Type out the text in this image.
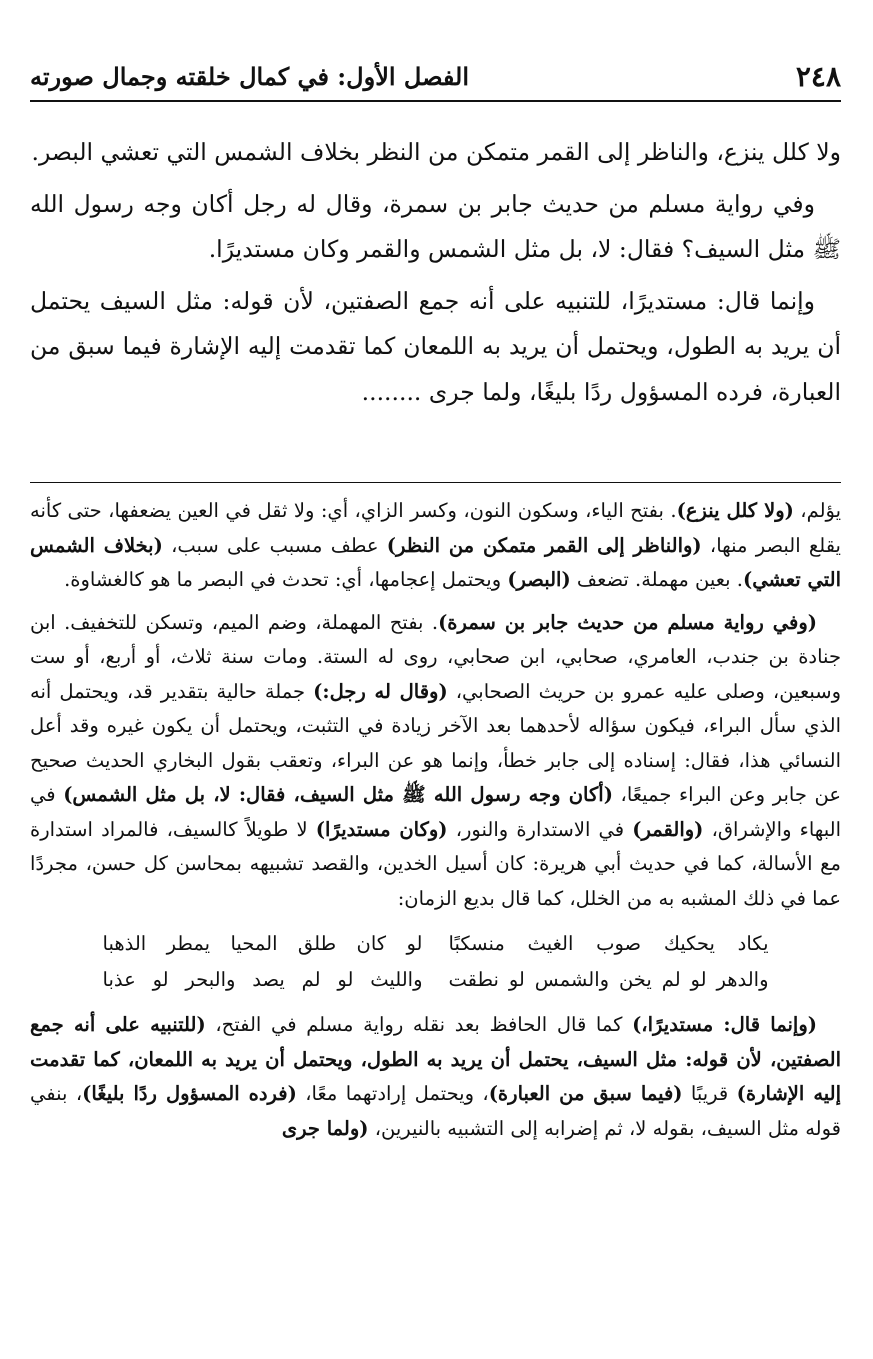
٢٤٨
الفصل الأول: في كمال خلقته وجمال صورته

ولا كلل ينزع، والناظر إلى القمر متمكن من النظر بخلاف الشمس التي تعشي البصر.

وفي رواية مسلم من حديث جابر بن سمرة، وقال له رجل أكان وجه رسول الله ﷺ مثل السيف؟ فقال: لا، بل مثل الشمس والقمر وكان مستديرًا.

وإنما قال: مستديرًا، للتنبيه على أنه جمع الصفتين، لأن قوله: مثل السيف يحتمل أن يريد به الطول، ويحتمل أن يريد به اللمعان كما تقدمت إليه الإشارة فيما سبق من العبارة، فرده المسؤول ردًا بليغًا، ولما جرى ........

يؤلم، (ولا كلل ينزع). بفتح الياء، وسكون النون، وكسر الزاي، أي: ولا ثقل في العين يضعفها، حتى كأنه يقلع البصر منها، (والناظر إلى القمر متمكن من النظر) عطف مسبب على سبب، (بخلاف الشمس التي تعشي). بعين مهملة. تضعف (البصر) ويحتمل إعجامها، أي: تحدث في البصر ما هو كالغشاوة.

(وفي رواية مسلم من حديث جابر بن سمرة). بفتح المهملة، وضم الميم، وتسكن للتخفيف. ابن جنادة بن جندب، العامري، صحابي، ابن صحابي، روى له الستة. ومات سنة ثلاث، أو أربع، أو ست وسبعين، وصلى عليه عمرو بن حريث الصحابي، (وقال له رجل:) جملة حالية بتقدير قد، ويحتمل أنه الذي سأل البراء، فيكون سؤاله لأحدهما بعد الآخر زيادة في التثبت، ويحتمل أن يكون غيره وقد أعل النسائي هذا، فقال: إسناده إلى جابر خطأ، وإنما هو عن البراء، وتعقب بقول البخاري الحديث صحيح عن جابر وعن البراء جميعًا، (أكان وجه رسول الله ﷺ مثل السيف، فقال: لا، بل مثل الشمس) في البهاء والإشراق، (والقمر) في الاستدارة والنور، (وكان مستديرًا) لا طويلاً كالسيف، فالمراد استدارة مع الأسالة، كما في حديث أبي هريرة: كان أسيل الخدين، والقصد تشبيهه بمحاسن كل حسن، مجردًا عما في ذلك المشبه به من الخلل، كما قال بديع الزمان:

يكاد يحكيك صوب الغيث منسكبًا
لو كان طلق المحيا يمطر الذهبا
والدهر لو لم يخن والشمس لو نطقت
والليث لو لم يصد والبحر لو عذبا

(وإنما قال: مستديرًا،) كما قال الحافظ بعد نقله رواية مسلم في الفتح، (للتنبيه على أنه جمع الصفتين، لأن قوله: مثل السيف، يحتمل أن يريد به الطول، ويحتمل أن يريد به اللمعان، كما تقدمت إليه الإشارة) قريبًا (فيما سبق من العبارة)، ويحتمل إرادتهما معًا، (فرده المسؤول ردًا بليغًا)، بنفي قوله مثل السيف، بقوله لا، ثم إضرابه إلى التشبيه بالنيرين، (ولما جرى
